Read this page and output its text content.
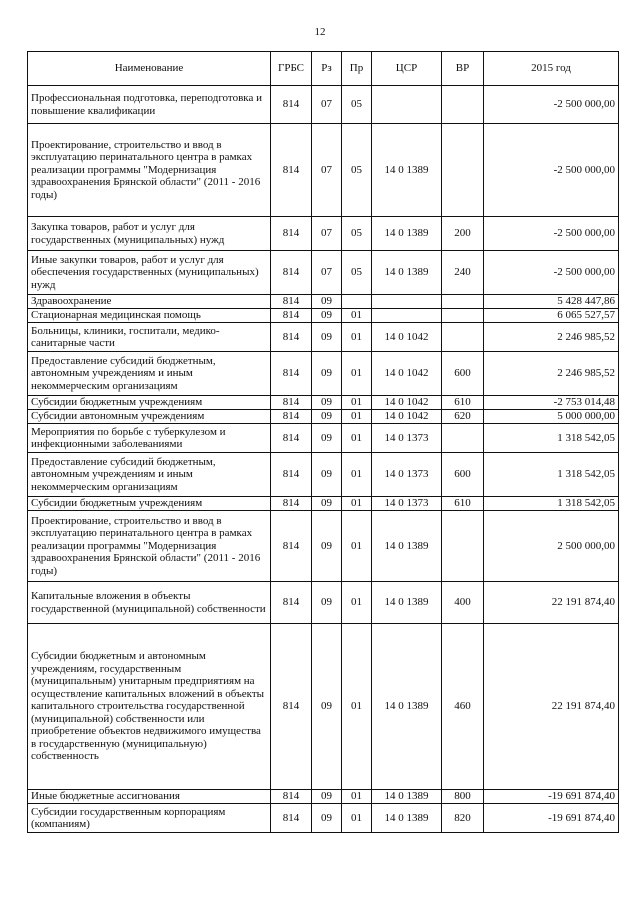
12
Наименование	ГРБС	Рз	Пр	ЦСР	ВР	2015 год
Профессиональная подготовка, переподготовка и повышение квалификации	814	07	05			-2 500 000,00
Проектирование, строительство и ввод в эксплуатацию перинатального центра в рамках реализации программы "Модернизация здравоохранения Брянской области" (2011 - 2016 годы)	814	07	05	14 0 1389		-2 500 000,00
Закупка товаров, работ и услуг для государственных (муниципальных) нужд	814	07	05	14 0 1389	200	-2 500 000,00
Иные закупки товаров, работ и услуг для обеспечения государственных (муниципальных) нужд	814	07	05	14 0 1389	240	-2 500 000,00
Здравоохранение	814	09				5 428 447,86
Стационарная медицинская помощь	814	09	01			6 065 527,57
Больницы, клиники, госпитали, медико-санитарные части	814	09	01	14 0 1042		2 246 985,52
Предоставление субсидий бюджетным, автономным учреждениям и иным некоммерческим организациям	814	09	01	14 0 1042	600	2 246 985,52
Субсидии бюджетным учреждениям	814	09	01	14 0 1042	610	-2 753 014,48
Субсидии автономным учреждениям	814	09	01	14 0 1042	620	5 000 000,00
Мероприятия по борьбе с туберкулезом и инфекционными заболеваниями	814	09	01	14 0 1373		1 318 542,05
Предоставление субсидий бюджетным, автономным учреждениям и иным некоммерческим организациям	814	09	01	14 0 1373	600	1 318 542,05
Субсидии бюджетным учреждениям	814	09	01	14 0 1373	610	1 318 542,05
Проектирование, строительство и ввод в эксплуатацию перинатального центра в рамках реализации программы "Модернизация здравоохранения Брянской области" (2011 - 2016 годы)	814	09	01	14 0 1389		2 500 000,00
Капитальные вложения в объекты государственной (муниципальной) собственности	814	09	01	14 0 1389	400	22 191 874,40
Субсидии бюджетным и автономным учреждениям, государственным (муниципальным) унитарным предприятиям на осуществление капитальных вложений в объекты капитального строительства государственной (муниципальной) собственности или приобретение объектов недвижимого имущества в государственную (муниципальную) собственность	814	09	01	14 0 1389	460	22 191 874,40
Иные бюджетные ассигнования	814	09	01	14 0 1389	800	-19 691 874,40
Субсидии государственным корпорациям (компаниям)	814	09	01	14 0 1389	820	-19 691 874,40
